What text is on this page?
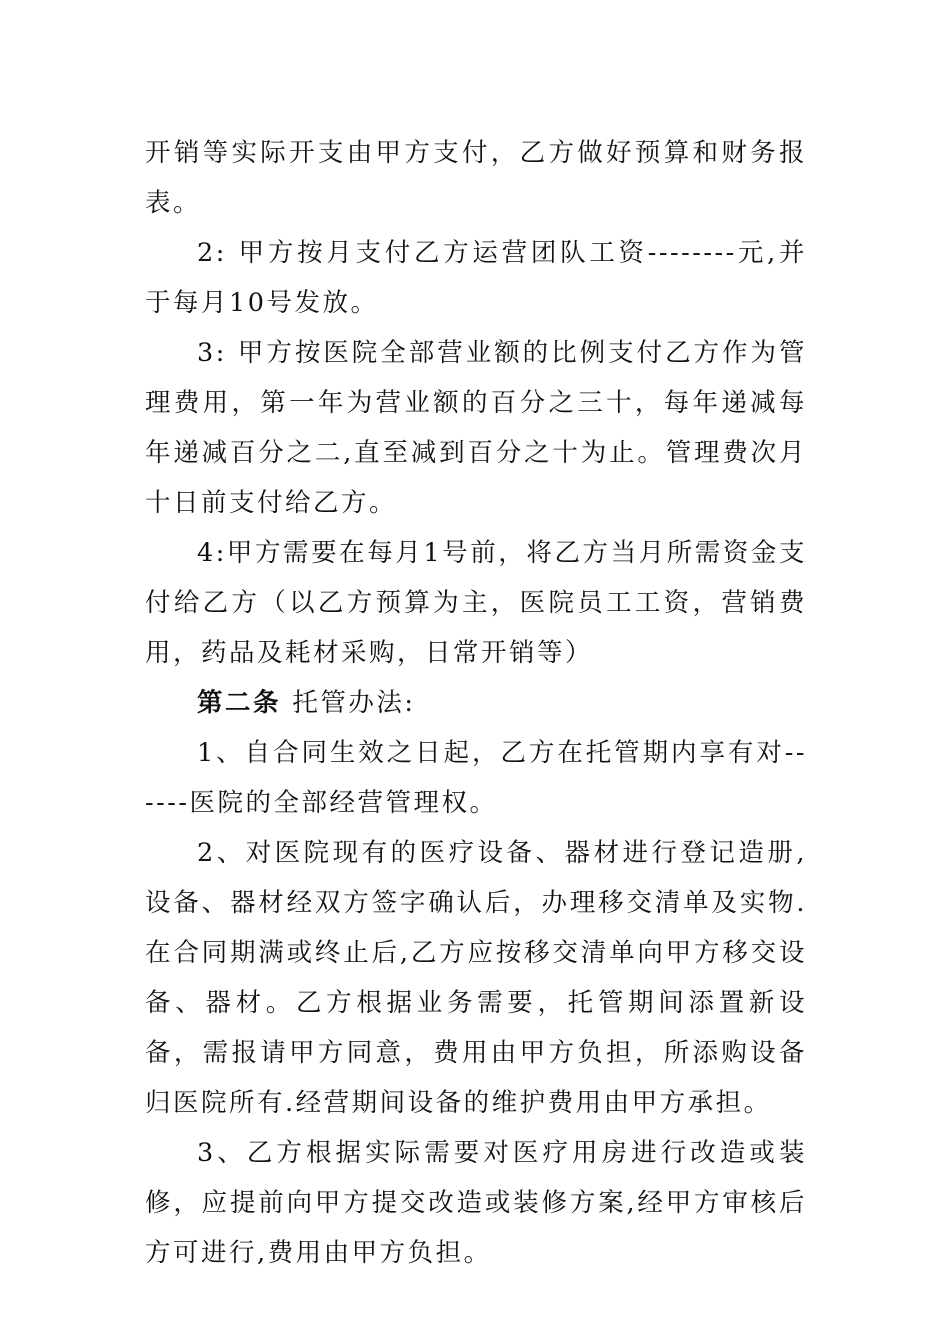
开销等实际开支由甲方支付，乙方做好预算和财务报表。

2: 甲方按月支付乙方运营团队工资--------元,并于每月10号发放。

3: 甲方按医院全部营业额的比例支付乙方作为管理费用，第一年为营业额的百分之三十，每年递减每年递减百分之二,直至减到百分之十为止。管理费次月十日前支付给乙方。

4:甲方需要在每月1号前，将乙方当月所需资金支付给乙方（以乙方预算为主，医院员工工资，营销费用，药品及耗材采购，日常开销等）

第二条 托管办法:

1、自合同生效之日起，乙方在托管期内享有对------医院的全部经营管理权。

2、对医院现有的医疗设备、器材进行登记造册,设备、器材经双方签字确认后，办理移交清单及实物.在合同期满或终止后,乙方应按移交清单向甲方移交设备、器材。乙方根据业务需要，托管期间添置新设备，需报请甲方同意，费用由甲方负担，所添购设备归医院所有.经营期间设备的维护费用由甲方承担。

3、乙方根据实际需要对医疗用房进行改造或装修，应提前向甲方提交改造或装修方案,经甲方审核后方可进行,费用由甲方负担。
